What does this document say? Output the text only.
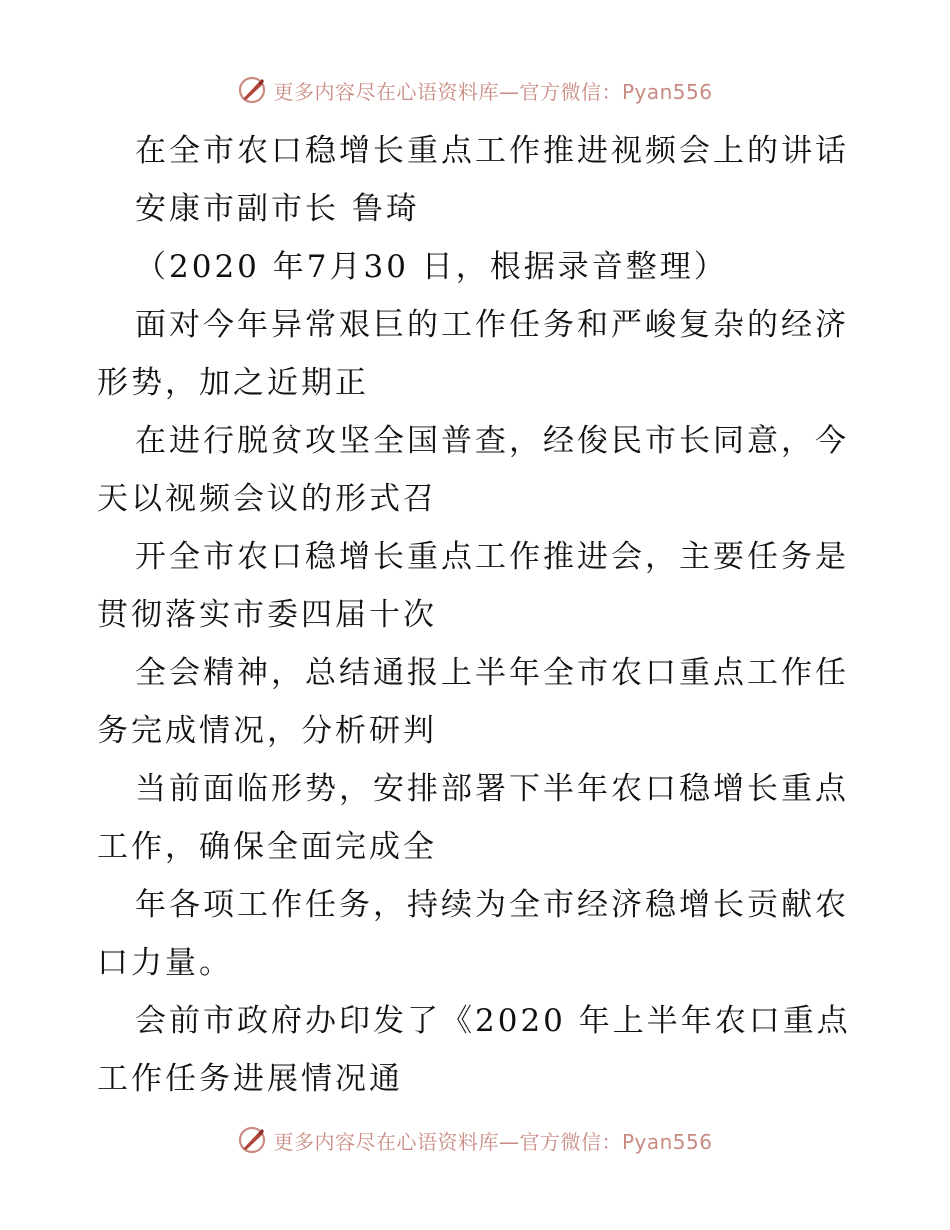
更多内容尽在心语资料库—官方微信：Pyan556
在全市农口稳增长重点工作推进视频会上的讲话
安康市副市长 鲁琦
（2020 年7月30 日，根据录音整理）
面对今年异常艰巨的工作任务和严峻复杂的经济
形势，加之近期正
在进行脱贫攻坚全国普查，经俊民市长同意，今
天以视频会议的形式召
开全市农口稳增长重点工作推进会，主要任务是
贯彻落实市委四届十次
全会精神，总结通报上半年全市农口重点工作任
务完成情况，分析研判
当前面临形势，安排部署下半年农口稳增长重点
工作，确保全面完成全
年各项工作任务，持续为全市经济稳增长贡献农
口力量。
会前市政府办印发了《2020 年上半年农口重点
工作任务进展情况通
更多内容尽在心语资料库—官方微信：Pyan556
